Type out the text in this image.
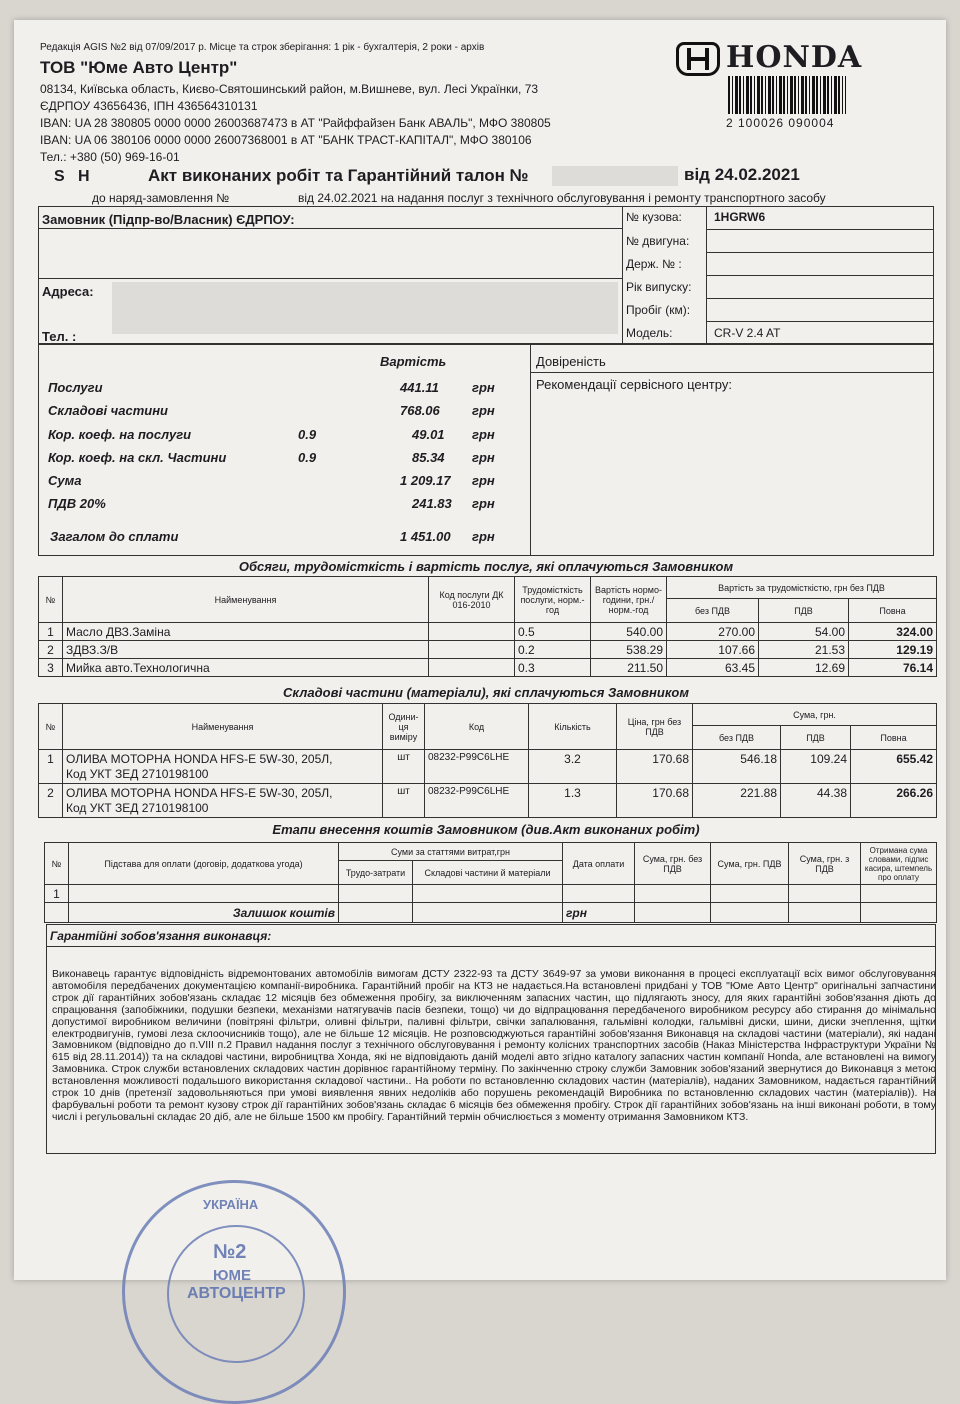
Редакція AGIS №2 від 07/09/2017 р. Місце та строк зберігання: 1 рік - бухгалтерія, 2 роки - архів
ТОВ "Юме Авто Центр"
08134, Київська область, Києво-Святошинський район, м.Вишневе, вул. Лесі Українки, 73
ЄДРПОУ 43656436, ІПН 436564310131
IBAN: UA 28 380805 0000 0000 26003687473 в АТ "Райффайзен Банк АВАЛЬ", МФО 380805
IBAN: UA 06 380106 0000 0000 26007368001 в АТ "БАНК ТРАСТ-КАПІТАЛ", МФО 380106
Тел.: +380 (50) 969-16-01
HONDA
2 100026 090004
S   H	Акт виконаних робіт та Гарантійний талон №	від 24.02.2021
до наряд-замовлення №	від 24.02.2021 на надання послуг з технічного обслуговування і ремонту транспортного засобу
Замовник (Підпр-во/Власник) ЄДРПОУ:
Адреса:
Тел. :
№ кузова:	1HGRW6
№ двигуна:
Держ. № :
Рік випуску:
Пробіг (км):
Модель:	CR-V 2.4 AT
Вартість
Послуги	441.11	грн
Складові частини	768.06 грн
Кор. коеф. на послуги	0.9	49.01 грн
Кор. коеф. на скл. Частини	0.9	85.34 грн
Сума	1 209.17 грн
ПДВ 20%	241.83 грн
Загалом до сплати	1 451.00 грн
Довіреність
Рекомендації сервісного центру:
Обсяги, трудомісткість і вартість послуг, які оплачуються Замовником
№	Найменування	Код послуги ДК 016-2010	Трудомісткість послуги, норм.-год	Вартість нормо-години, грн./норм.-год	Вартість за трудомісткістю, грн без ПДВ		
					без ПДВ	ПДВ	Повна
1	Масло ДВЗ.Заміна		0.5	540.00	270.00	54.00	324.00
2	ЗДВЗ.З/В		0.2	538.29	107.66	21.53	129.19
3	Мийка авто.Технологична		0.3	211.50	63.45	12.69	76.14
Складові частини (матеріали), які сплачуються Замовником
№	Найменування	Одини-ця виміру	Код	Кількість	Ціна, грн без ПДВ	Сума, грн.		
						без ПДВ	ПДВ	Повна
1	ОЛИВА МОТОРНА HONDA HFS-E 5W-30, 205Л,
Код УКТ ЗЕД 2710198100	шт	08232-P99C6LHE	3.2	170.68	546.18	109.24	655.42
2	ОЛИВА МОТОРНА HONDA HFS-E 5W-30, 205Л,
Код УКТ ЗЕД 2710198100	шт	08232-P99C6LHE	1.3	170.68	221.88	44.38	266.26
Етапи внесення коштів Замовником (див.Акт виконаних робіт)
№	Підстава для оплати (договір, додаткова угода)	Суми за статтями витрат,грн		Дата оплати	Сума, грн. без ПДВ	Сума, грн. ПДВ	Сума, грн. з ПДВ	Отримана сума словами, підпис касира, штемпель про оплату
		Трудо-затрати	Складові частини й матеріали					
1								
	Залишок коштів			грн				
Гарантійні зобов'язання виконавця:
Виконавець гарантує відповідність відремонтованих автомобілів вимогам ДСТУ 2322-93 та ДСТУ 3649-97 за умови виконання в процесі експлуатації всіх вимог обслуговування автомобіля передбачених документацією компанії-виробника. Гарантійний пробіг на КТЗ не надається.На встановлені придбані у ТОВ "Юме Авто Центр" оригінальні запчастини строк дії гарантійних зобов'язань складає 12 місяців без обмеження пробігу, за виключенням запасних частин, що підлягають зносу, для яких гарантійні зобов'язання діють до спрацювання (запобіжники, подушки безпеки, механізми натягувачів пасів безпеки, тощо) чи до відпрацювання передбаченого виробником ресурсу або стирання до мінімально допустимої виробником величини (повітряні фільтри, оливні фільтри, паливні фільтри, свічки запалювання, гальмівні колодки, гальмівні диски, шини, диски зчеплення, щітки електродвигунів, гумові леза склоочисників тощо), але не більше 12 місяців. Не розповсюджуються гарантійні зобов'язання Виконавця на складові частини (матеріали), які надані Замовником (відповідно до п.VIII п.2 Правил надання послуг з технічного обслуговування і ремонту колісних транспортних засобів (Наказ Міністерства Інфраструктури України № 615 від 28.11.2014)) та на складові частини, виробництва Хонда, які не відповідають даній моделі авто згідно каталогу запасних частин компанії Honda, але встановлені на вимогу Замовника. Строк служби встановлених складових частин дорівнює гарантійному терміну. По закінченню строку служби Замовник зобов'язаний звернутися до Виконавця з метою встановлення можливості подальшого використання складової частини.. На роботи по встановленню складових частин (матеріалів), наданих Замовником, надається гарантійний строк 10 днів (претензії задовольняються при умові виявлення явних недоліків або порушень рекомендацій Виробника по встановленню складових частин (матеріалів)). На фарбувальні роботи та ремонт кузову строк дії гарантійних зобов'язань складає 6 місяців без обмеження пробігу. Строк дії гарантійних зобов'язань на інші виконані роботи, в тому числі і регульовальні складає 20 діб, але не більше 1500 км пробігу. Гарантійний термін обчислюється з моменту отримання Замовником КТЗ.
УКРАЇНА
№2
ЮМЕ
АВТОЦЕНТР
